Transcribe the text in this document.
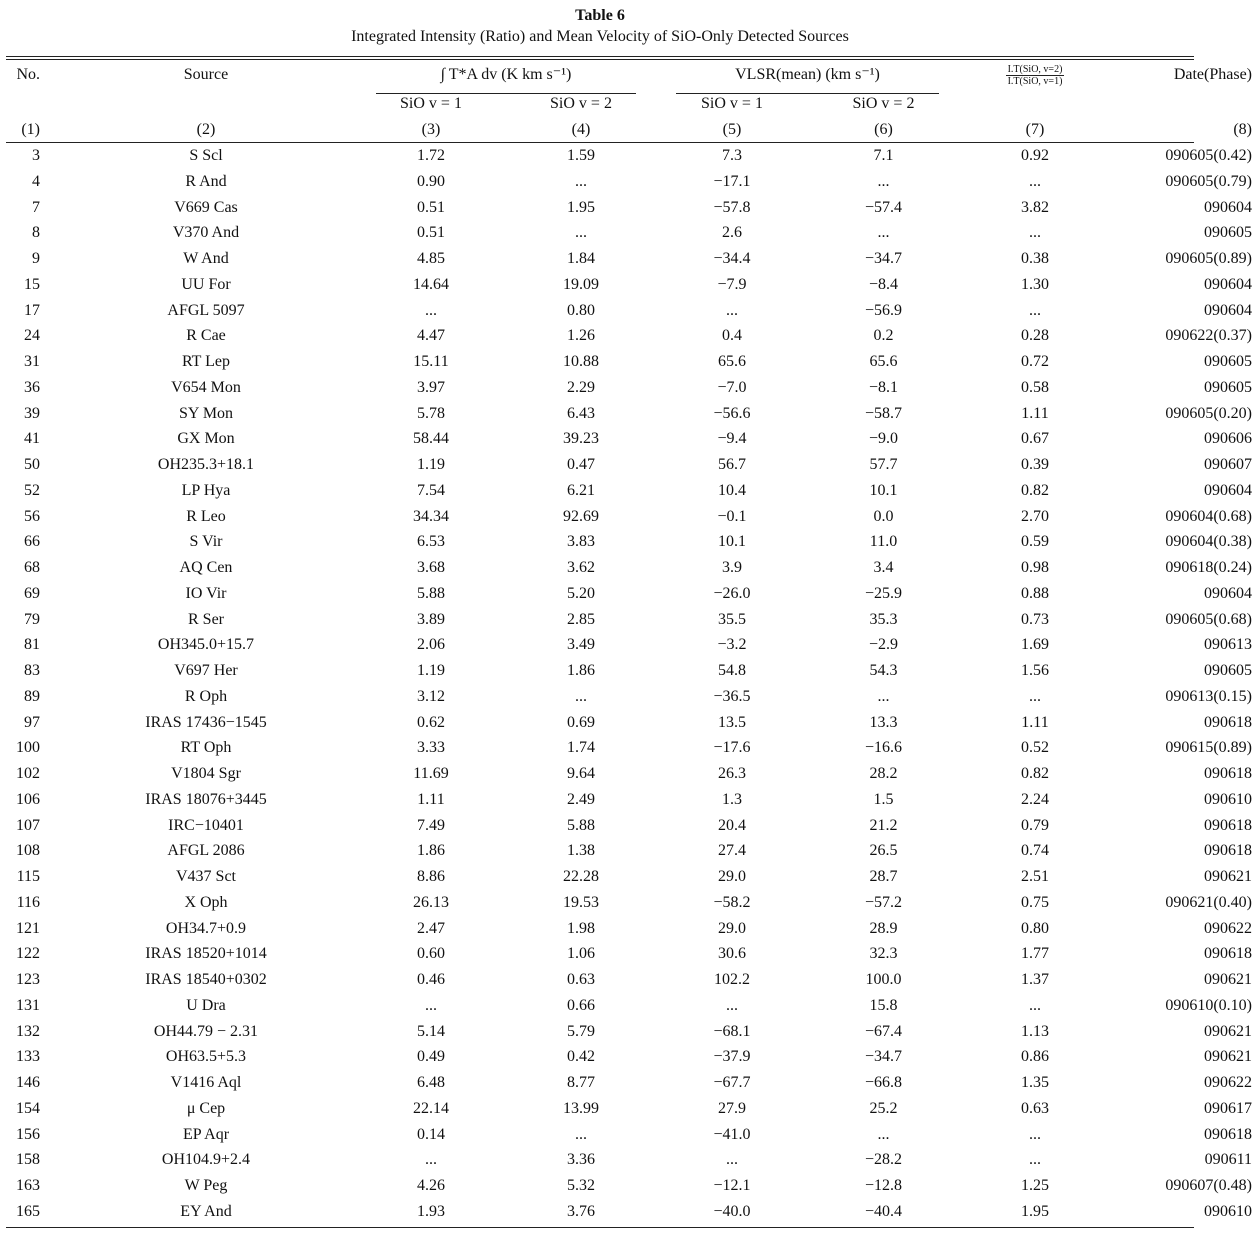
Table 6
Integrated Intensity (Ratio) and Mean Velocity of SiO-Only Detected Sources
No.	Source	∫ T*A dv (K km s⁻¹)	VLSR(mean) (km s⁻¹)	$\frac{\text{I.T(SiO, v=2)}}{\text{I.T(SiO, v=1)}}$	Date(Phase)
SiO v = 1	SiO v = 2	SiO v = 1	SiO v = 2
(1)	(2)	(3)	(4)	(5)	(6)	(7)	(8)
3	S Scl	1.72	1.59	7.3	7.1	0.92	090605(0.42)
4	R And	0.90	...	−17.1	...	...	090605(0.79)
7	V669 Cas	0.51	1.95	−57.8	−57.4	3.82	090604
8	V370 And	0.51	...	2.6	...	...	090605
9	W And	4.85	1.84	−34.4	−34.7	0.38	090605(0.89)
15	UU For	14.64	19.09	−7.9	−8.4	1.30	090604
17	AFGL 5097	...	0.80	...	−56.9	...	090604
24	R Cae	4.47	1.26	0.4	0.2	0.28	090622(0.37)
31	RT Lep	15.11	10.88	65.6	65.6	0.72	090605
36	V654 Mon	3.97	2.29	−7.0	−8.1	0.58	090605
39	SY Mon	5.78	6.43	−56.6	−58.7	1.11	090605(0.20)
41	GX Mon	58.44	39.23	−9.4	−9.0	0.67	090606
50	OH235.3+18.1	1.19	0.47	56.7	57.7	0.39	090607
52	LP Hya	7.54	6.21	10.4	10.1	0.82	090604
56	R Leo	34.34	92.69	−0.1	0.0	2.70	090604(0.68)
66	S Vir	6.53	3.83	10.1	11.0	0.59	090604(0.38)
68	AQ Cen	3.68	3.62	3.9	3.4	0.98	090618(0.24)
69	IO Vir	5.88	5.20	−26.0	−25.9	0.88	090604
79	R Ser	3.89	2.85	35.5	35.3	0.73	090605(0.68)
81	OH345.0+15.7	2.06	3.49	−3.2	−2.9	1.69	090613
83	V697 Her	1.19	1.86	54.8	54.3	1.56	090605
89	R Oph	3.12	...	−36.5	...	...	090613(0.15)
97	IRAS 17436−1545	0.62	0.69	13.5	13.3	1.11	090618
100	RT Oph	3.33	1.74	−17.6	−16.6	0.52	090615(0.89)
102	V1804 Sgr	11.69	9.64	26.3	28.2	0.82	090618
106	IRAS 18076+3445	1.11	2.49	1.3	1.5	2.24	090610
107	IRC−10401	7.49	5.88	20.4	21.2	0.79	090618
108	AFGL 2086	1.86	1.38	27.4	26.5	0.74	090618
115	V437 Sct	8.86	22.28	29.0	28.7	2.51	090621
116	X Oph	26.13	19.53	−58.2	−57.2	0.75	090621(0.40)
121	OH34.7+0.9	2.47	1.98	29.0	28.9	0.80	090622
122	IRAS 18520+1014	0.60	1.06	30.6	32.3	1.77	090618
123	IRAS 18540+0302	0.46	0.63	102.2	100.0	1.37	090621
131	U Dra	...	0.66	...	15.8	...	090610(0.10)
132	OH44.79 − 2.31	5.14	5.79	−68.1	−67.4	1.13	090621
133	OH63.5+5.3	0.49	0.42	−37.9	−34.7	0.86	090621
146	V1416 Aql	6.48	8.77	−67.7	−66.8	1.35	090622
154	μ Cep	22.14	13.99	27.9	25.2	0.63	090617
156	EP Aqr	0.14	...	−41.0	...	...	090618
158	OH104.9+2.4	...	3.36	...	−28.2	...	090611
163	W Peg	4.26	5.32	−12.1	−12.8	1.25	090607(0.48)
165	EY And	1.93	3.76	−40.0	−40.4	1.95	090610
